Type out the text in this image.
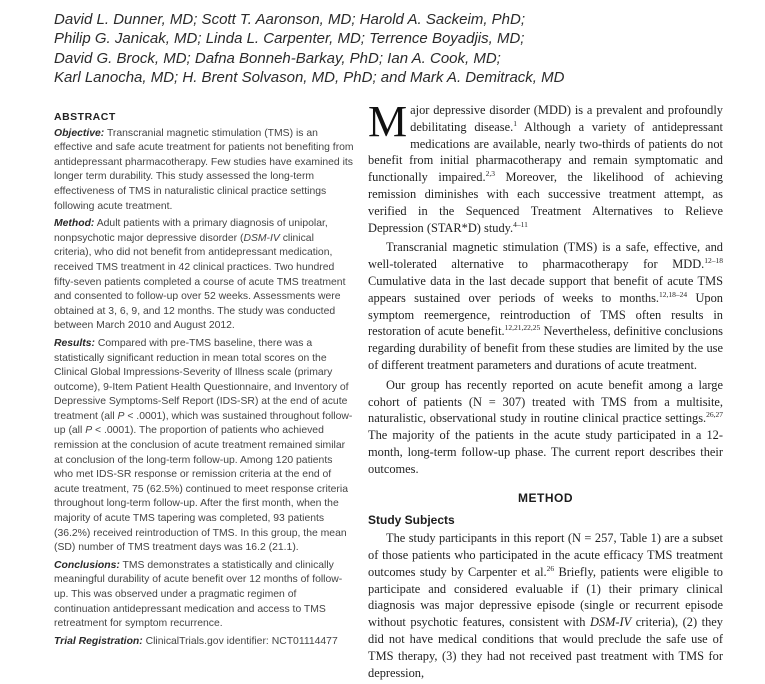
David L. Dunner, MD; Scott T. Aaronson, MD; Harold A. Sackeim, PhD;
Philip G. Janicak, MD; Linda L. Carpenter, MD; Terrence Boyadjis, MD;
David G. Brock, MD; Dafna Bonneh-Barkay, PhD; Ian A. Cook, MD;
Karl Lanocha, MD; H. Brent Solvason, MD, PhD; and Mark A. Demitrack, MD
ABSTRACT

Objective: Transcranial magnetic stimulation (TMS) is an effective and safe acute treatment for patients not benefiting from antidepressant pharmacotherapy. Few studies have examined its longer term durability. This study assessed the long-term effectiveness of TMS in naturalistic clinical practice settings following acute treatment.

Method: Adult patients with a primary diagnosis of unipolar, nonpsychotic major depressive disorder (DSM-IV clinical criteria), who did not benefit from antidepressant medication, received TMS treatment in 42 clinical practices. Two hundred fifty-seven patients completed a course of acute TMS treatment and consented to follow-up over 52 weeks. Assessments were obtained at 3, 6, 9, and 12 months. The study was conducted between March 2010 and August 2012.

Results: Compared with pre-TMS baseline, there was a statistically significant reduction in mean total scores on the Clinical Global Impressions-Severity of Illness scale (primary outcome), 9-Item Patient Health Questionnaire, and Inventory of Depressive Symptoms-Self Report (IDS-SR) at the end of acute treatment (all P < .0001), which was sustained throughout follow-up (all P < .0001). The proportion of patients who achieved remission at the conclusion of acute treatment remained similar at conclusion of the long-term follow-up. Among 120 patients who met IDS-SR response or remission criteria at the end of acute treatment, 75 (62.5%) continued to meet response criteria throughout long-term follow-up. After the first month, when the majority of acute TMS tapering was completed, 93 patients (36.2%) received reintroduction of TMS. In this group, the mean (SD) number of TMS treatment days was 16.2 (21.1).

Conclusions: TMS demonstrates a statistically and clinically meaningful durability of acute benefit over 12 months of follow-up. This was observed under a pragmatic regimen of continuation antidepressant medication and access to TMS retreatment for symptom recurrence.

Trial Registration: ClinicalTrials.gov identifier: NCT01114477

Major depressive disorder (MDD) is a prevalent and profoundly debilitating disease.$^1$ Although a variety of antidepressant medications are available, nearly two-thirds of patients do not benefit from initial pharmacotherapy and remain symptomatic and functionally impaired.$^{2,3}$ Moreover, the likelihood of achieving remission diminishes with each successive treatment attempt, as verified in the Sequenced Treatment Alternatives to Relieve Depression (STAR*D) study.$^{4-11}$

Transcranial magnetic stimulation (TMS) is a safe, effective, and well-tolerated alternative to pharmacotherapy for MDD.$^{12-18}$ Cumulative data in the last decade support that benefit of acute TMS appears sustained over periods of weeks to months.$^{12,18-24}$ Upon symptom reemergence, reintroduction of TMS often results in restoration of acute benefit.$^{12,21,22,25}$ Nevertheless, definitive conclusions regarding durability of benefit from these studies are limited by the use of different treatment parameters and durations of acute treatment.

Our group has recently reported on acute benefit among a large cohort of patients (N = 307) treated with TMS from a multisite, naturalistic, observational study in routine clinical practice settings.$^{26,27}$ The majority of the patients in the acute study participated in a 12-month, long-term follow-up phase. The current report describes their outcomes.

METHOD
Study Subjects

The study participants in this report (N = 257, Table 1) are a subset of those patients who participated in the acute efficacy TMS treatment outcomes study by Carpenter et al.$^{26}$ Briefly, patients were eligible to participate and considered evaluable if (1) their primary clinical diagnosis was major depressive episode (single or recurrent episode without psychotic features, consistent with DSM-IV criteria), (2) they did not have medical conditions that would preclude the safe use of TMS therapy, (3) they had not received past treatment with TMS for depression,
